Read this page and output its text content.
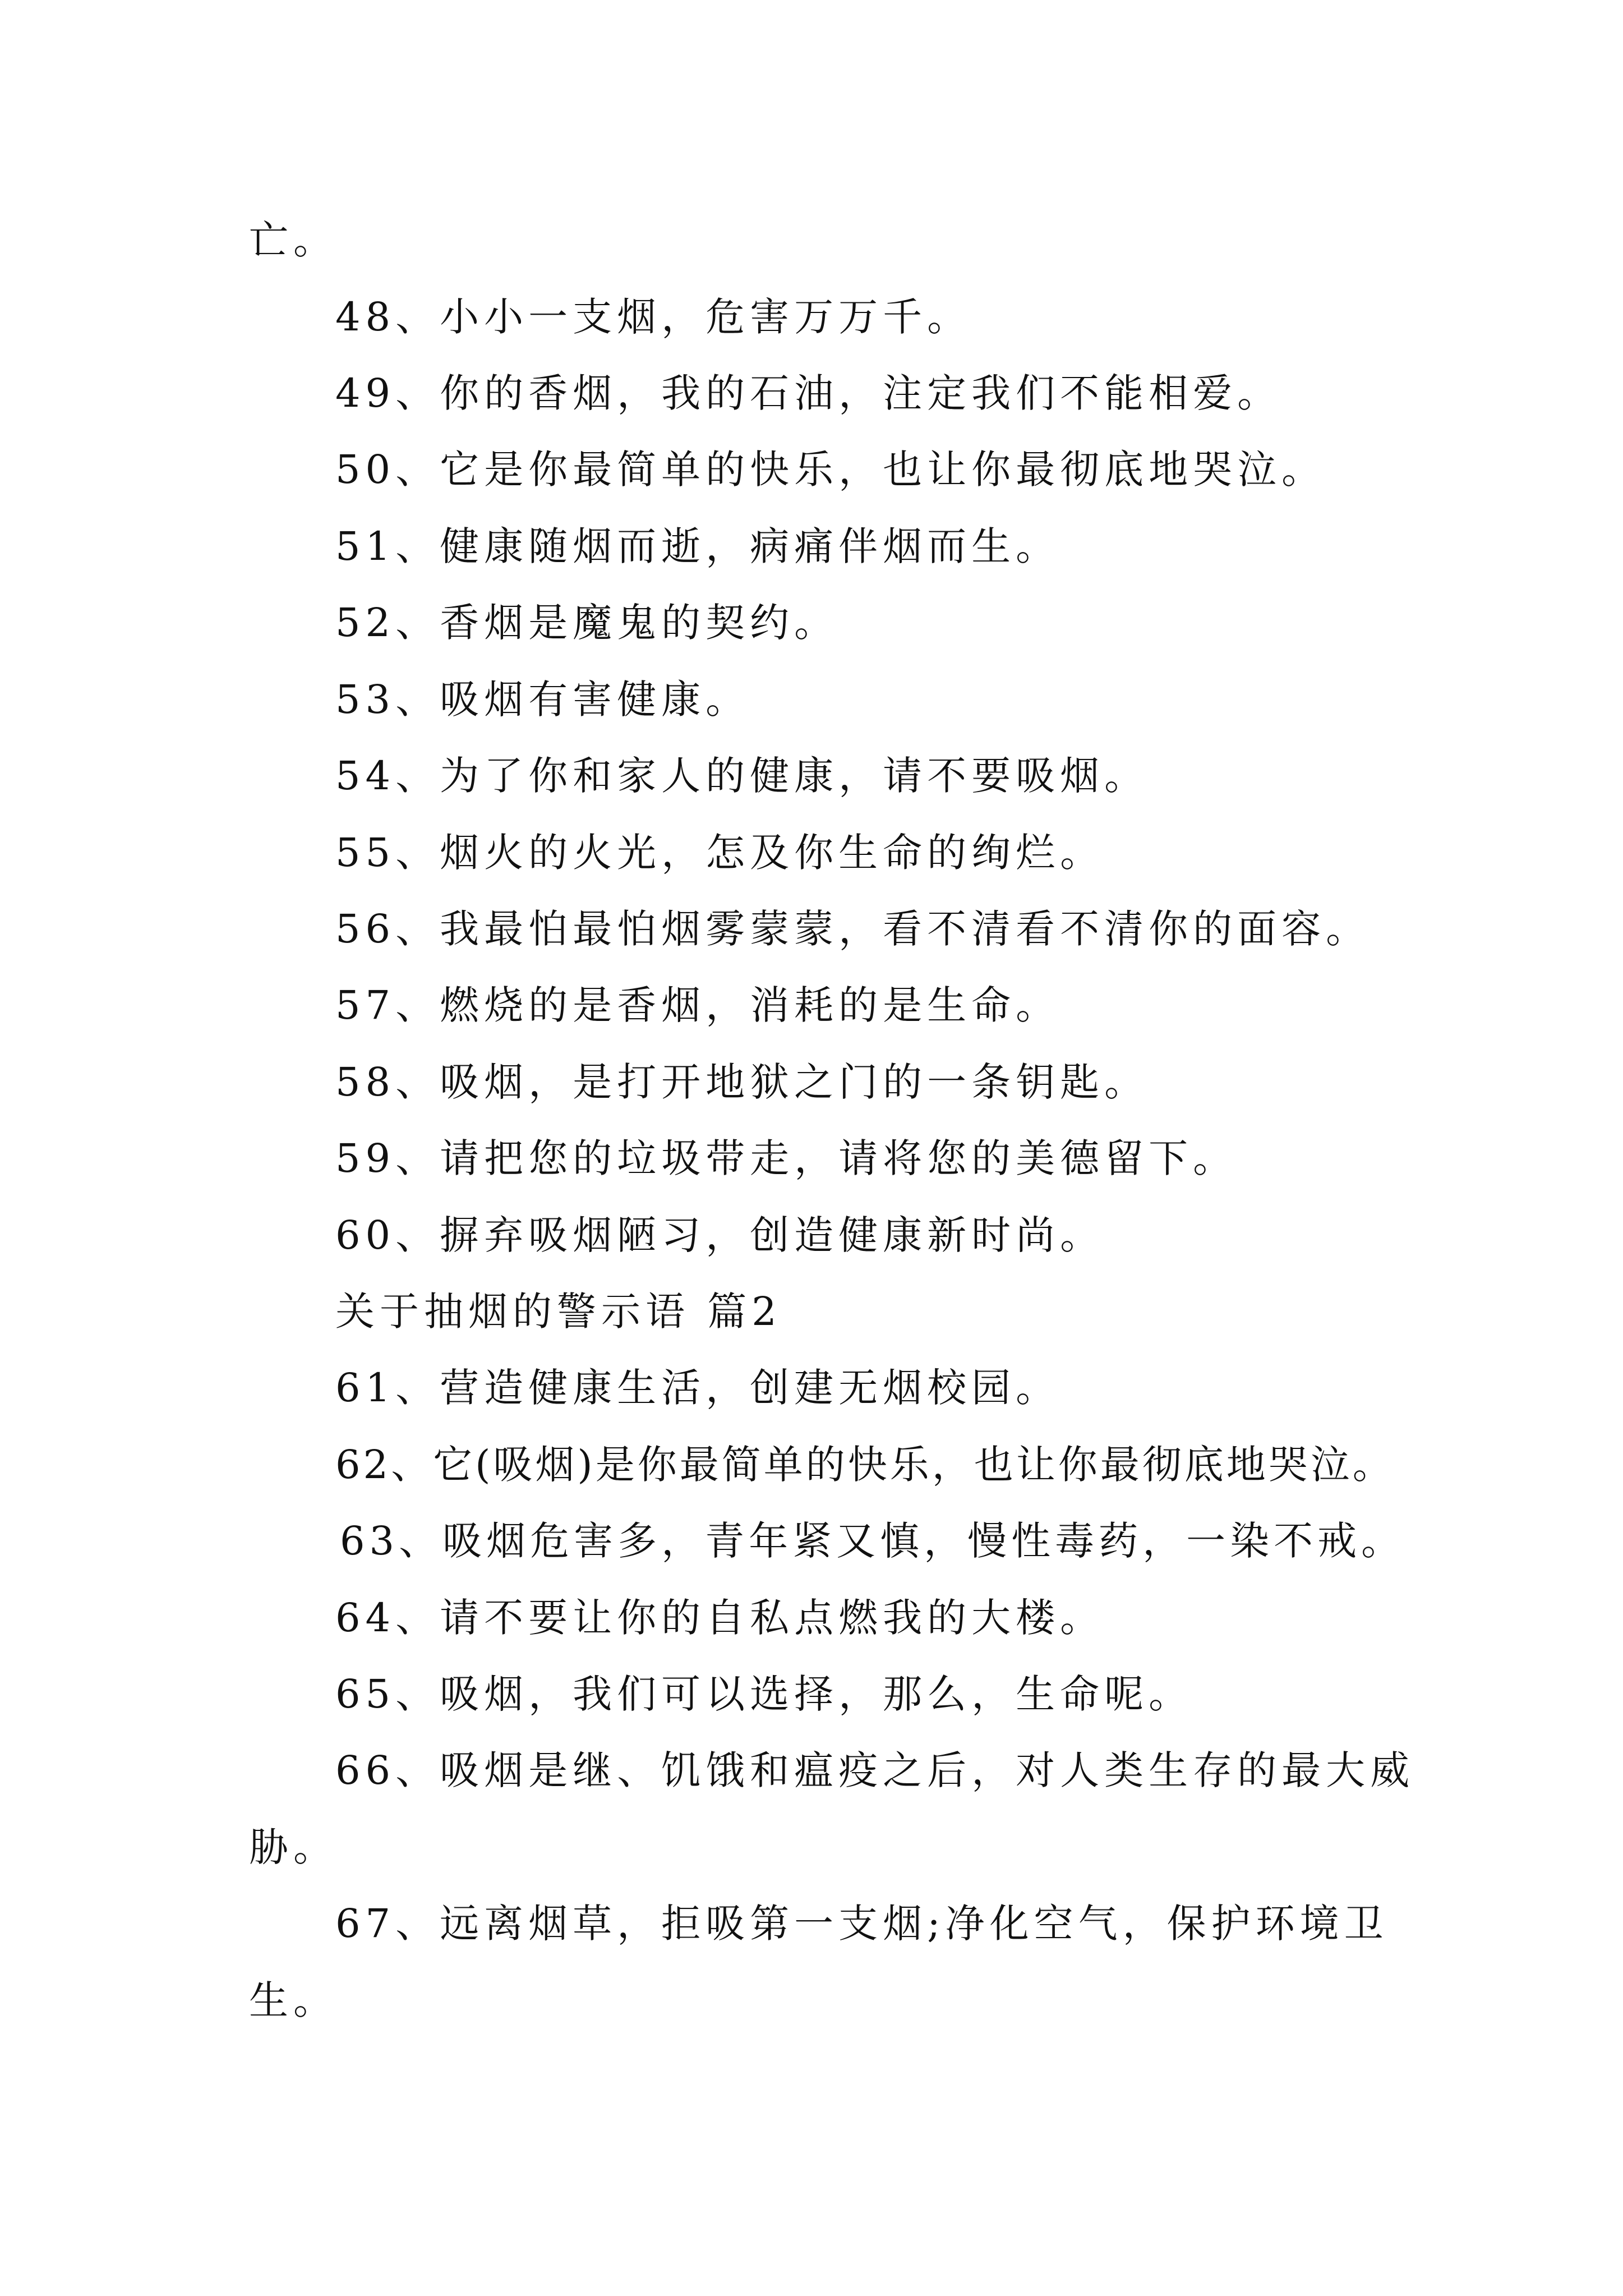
亡。
48、小小一支烟，危害万万千。
49、你的香烟，我的石油，注定我们不能相爱。
50、它是你最简单的快乐，也让你最彻底地哭泣。
51、健康随烟而逝，病痛伴烟而生。
52、香烟是魔鬼的契约。
53、吸烟有害健康。
54、为了你和家人的健康，请不要吸烟。
55、烟火的火光，怎及你生命的绚烂。
56、我最怕最怕烟雾蒙蒙，看不清看不清你的面容。
57、燃烧的是香烟，消耗的是生命。
58、吸烟，是打开地狱之门的一条钥匙。
59、请把您的垃圾带走，请将您的美德留下。
60、摒弃吸烟陋习，创造健康新时尚。
关于抽烟的警示语 篇2
61、营造健康生活，创建无烟校园。
62、它(吸烟)是你最简单的快乐，也让你最彻底地哭泣。
63、吸烟危害多，青年紧又慎，慢性毒药，一染不戒。
64、请不要让你的自私点燃我的大楼。
65、吸烟，我们可以选择，那么，生命呢。
66、吸烟是继、饥饿和瘟疫之后，对人类生存的最大威
胁。
67、远离烟草，拒吸第一支烟;净化空气，保护环境卫
生。
